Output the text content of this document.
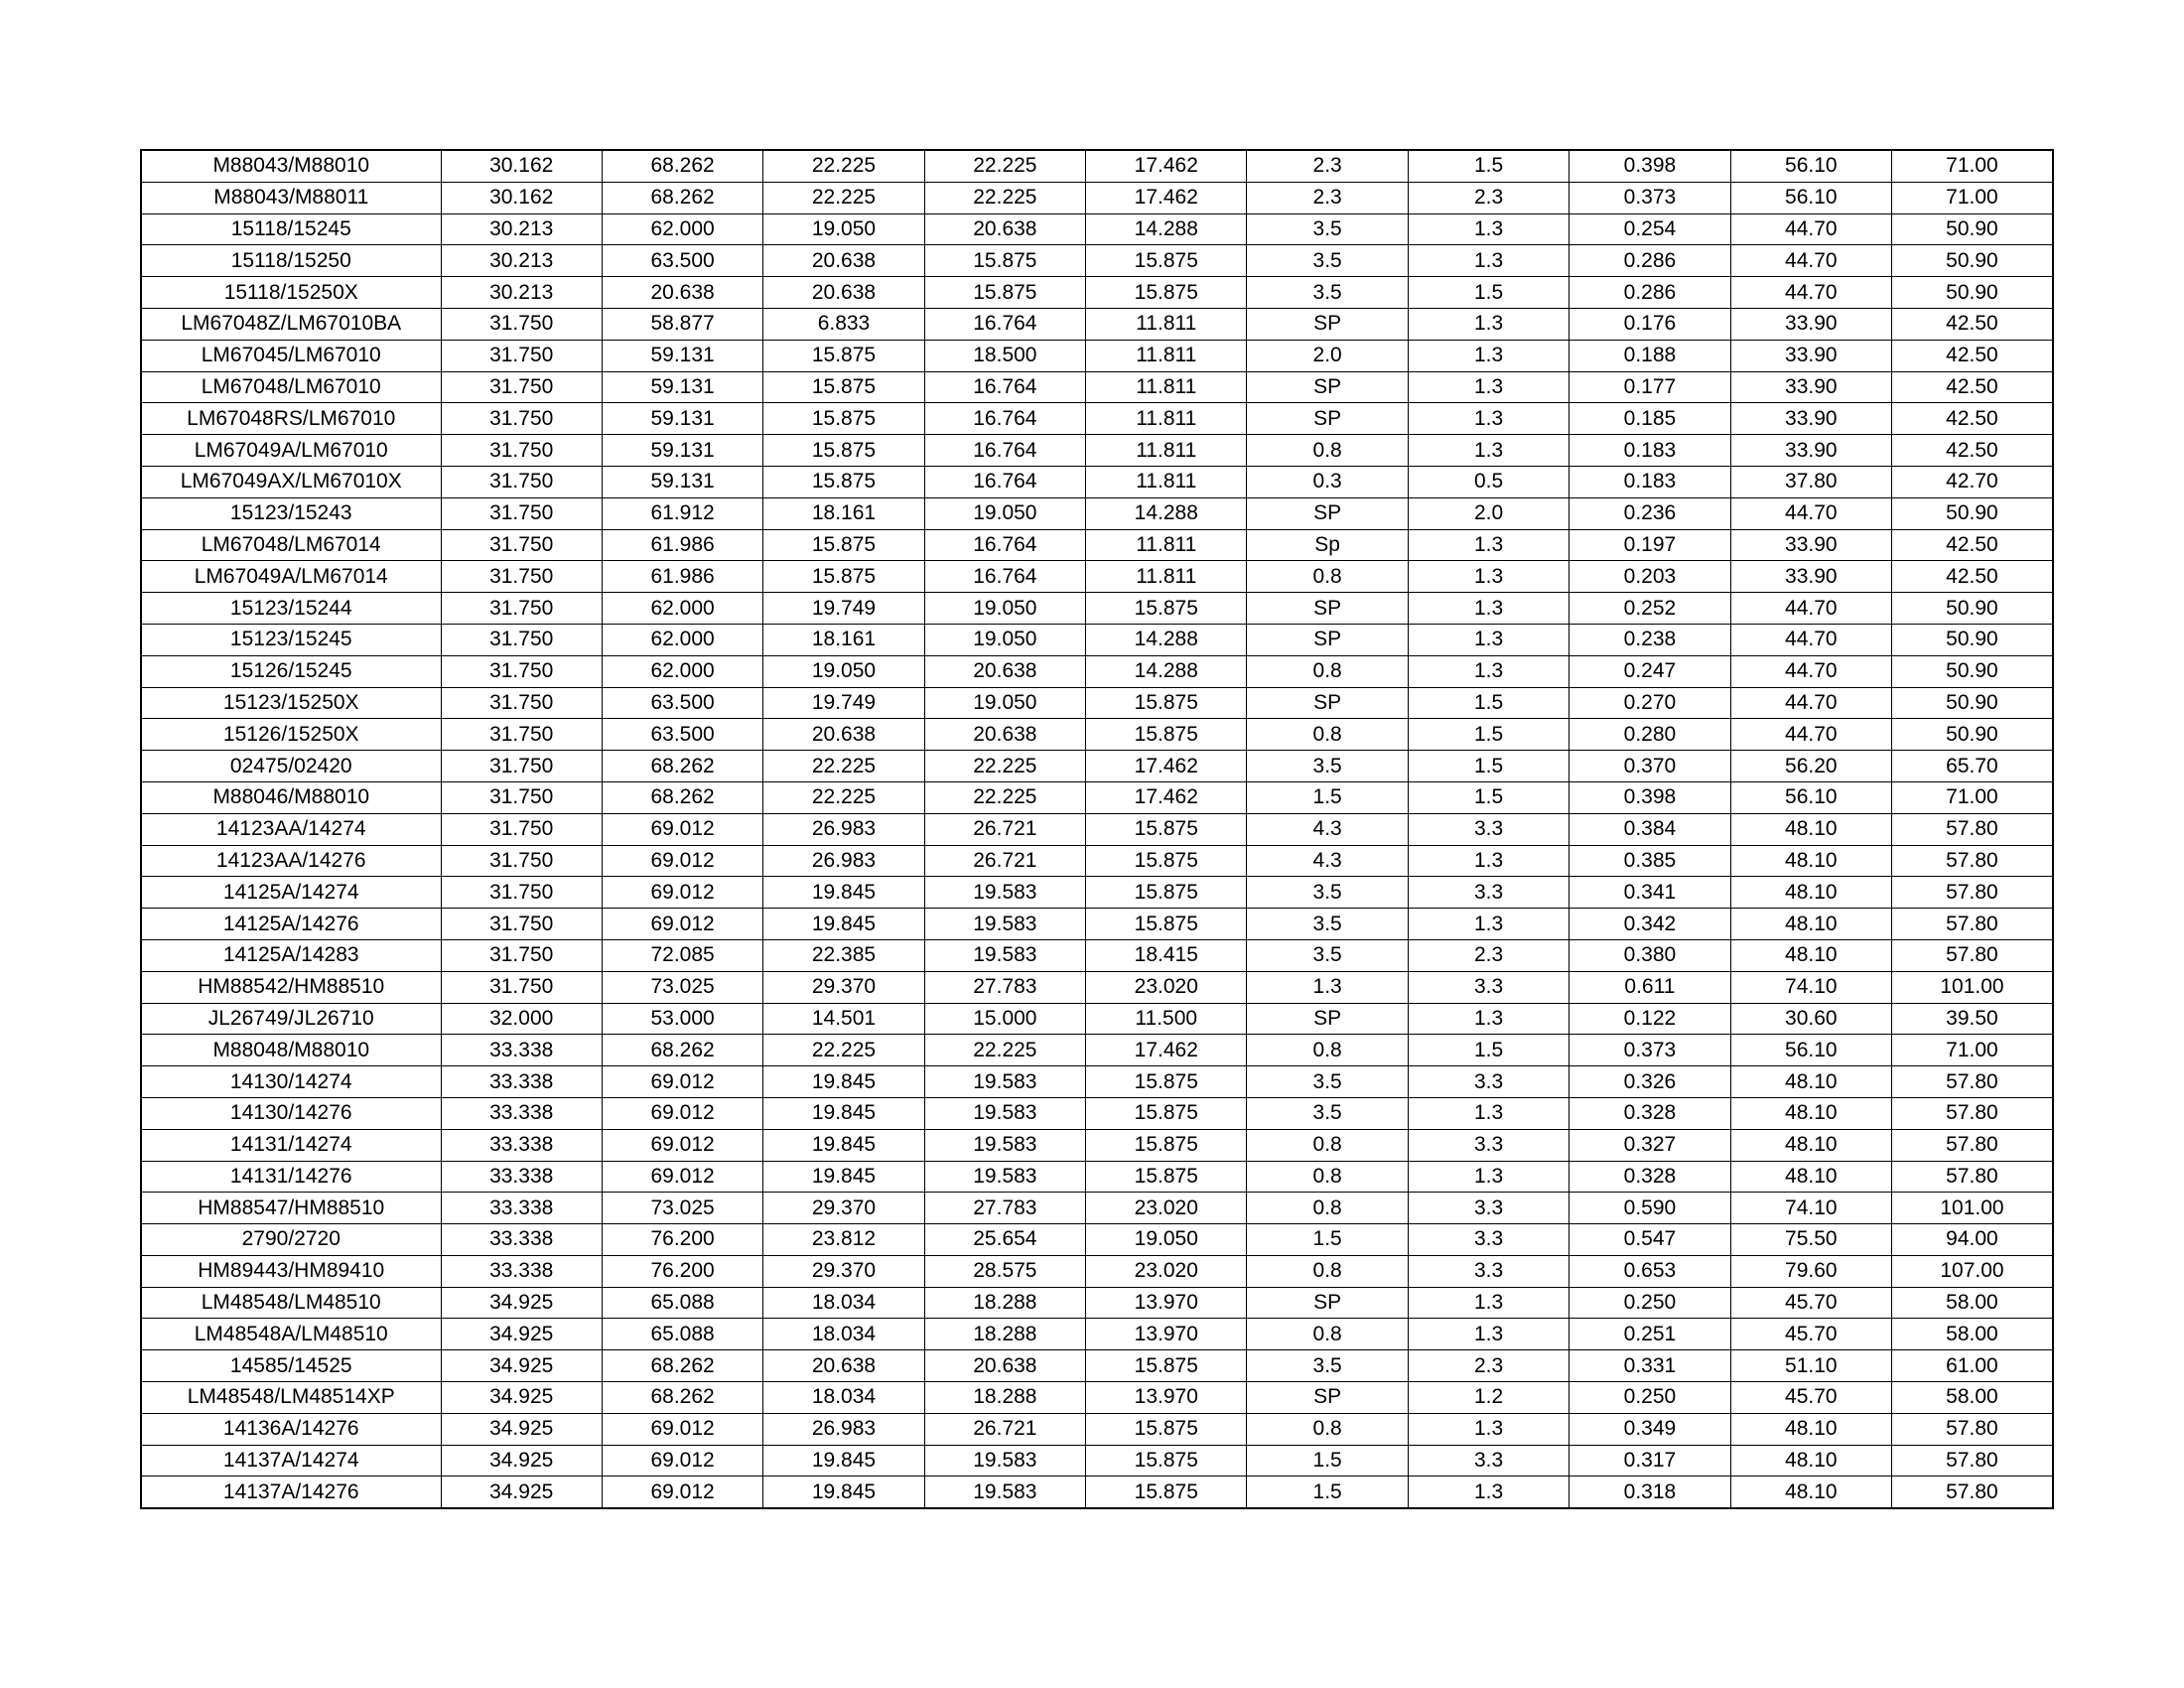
M88043/M88010	30.162	68.262	22.225	22.225	17.462	2.3	1.5	0.398	56.10	71.00
M88043/M88011	30.162	68.262	22.225	22.225	17.462	2.3	2.3	0.373	56.10	71.00
15118/15245	30.213	62.000	19.050	20.638	14.288	3.5	1.3	0.254	44.70	50.90
15118/15250	30.213	63.500	20.638	15.875	15.875	3.5	1.3	0.286	44.70	50.90
15118/15250X	30.213	20.638	20.638	15.875	15.875	3.5	1.5	0.286	44.70	50.90
LM67048Z/LM67010BA	31.750	58.877	6.833	16.764	11.811	SP	1.3	0.176	33.90	42.50
LM67045/LM67010	31.750	59.131	15.875	18.500	11.811	2.0	1.3	0.188	33.90	42.50
LM67048/LM67010	31.750	59.131	15.875	16.764	11.811	SP	1.3	0.177	33.90	42.50
LM67048RS/LM67010	31.750	59.131	15.875	16.764	11.811	SP	1.3	0.185	33.90	42.50
LM67049A/LM67010	31.750	59.131	15.875	16.764	11.811	0.8	1.3	0.183	33.90	42.50
LM67049AX/LM67010X	31.750	59.131	15.875	16.764	11.811	0.3	0.5	0.183	37.80	42.70
15123/15243	31.750	61.912	18.161	19.050	14.288	SP	2.0	0.236	44.70	50.90
LM67048/LM67014	31.750	61.986	15.875	16.764	11.811	Sp	1.3	0.197	33.90	42.50
LM67049A/LM67014	31.750	61.986	15.875	16.764	11.811	0.8	1.3	0.203	33.90	42.50
15123/15244	31.750	62.000	19.749	19.050	15.875	SP	1.3	0.252	44.70	50.90
15123/15245	31.750	62.000	18.161	19.050	14.288	SP	1.3	0.238	44.70	50.90
15126/15245	31.750	62.000	19.050	20.638	14.288	0.8	1.3	0.247	44.70	50.90
15123/15250X	31.750	63.500	19.749	19.050	15.875	SP	1.5	0.270	44.70	50.90
15126/15250X	31.750	63.500	20.638	20.638	15.875	0.8	1.5	0.280	44.70	50.90
02475/02420	31.750	68.262	22.225	22.225	17.462	3.5	1.5	0.370	56.20	65.70
M88046/M88010	31.750	68.262	22.225	22.225	17.462	1.5	1.5	0.398	56.10	71.00
14123AA/14274	31.750	69.012	26.983	26.721	15.875	4.3	3.3	0.384	48.10	57.80
14123AA/14276	31.750	69.012	26.983	26.721	15.875	4.3	1.3	0.385	48.10	57.80
14125A/14274	31.750	69.012	19.845	19.583	15.875	3.5	3.3	0.341	48.10	57.80
14125A/14276	31.750	69.012	19.845	19.583	15.875	3.5	1.3	0.342	48.10	57.80
14125A/14283	31.750	72.085	22.385	19.583	18.415	3.5	2.3	0.380	48.10	57.80
HM88542/HM88510	31.750	73.025	29.370	27.783	23.020	1.3	3.3	0.611	74.10	101.00
JL26749/JL26710	32.000	53.000	14.501	15.000	11.500	SP	1.3	0.122	30.60	39.50
M88048/M88010	33.338	68.262	22.225	22.225	17.462	0.8	1.5	0.373	56.10	71.00
14130/14274	33.338	69.012	19.845	19.583	15.875	3.5	3.3	0.326	48.10	57.80
14130/14276	33.338	69.012	19.845	19.583	15.875	3.5	1.3	0.328	48.10	57.80
14131/14274	33.338	69.012	19.845	19.583	15.875	0.8	3.3	0.327	48.10	57.80
14131/14276	33.338	69.012	19.845	19.583	15.875	0.8	1.3	0.328	48.10	57.80
HM88547/HM88510	33.338	73.025	29.370	27.783	23.020	0.8	3.3	0.590	74.10	101.00
2790/2720	33.338	76.200	23.812	25.654	19.050	1.5	3.3	0.547	75.50	94.00
HM89443/HM89410	33.338	76.200	29.370	28.575	23.020	0.8	3.3	0.653	79.60	107.00
LM48548/LM48510	34.925	65.088	18.034	18.288	13.970	SP	1.3	0.250	45.70	58.00
LM48548A/LM48510	34.925	65.088	18.034	18.288	13.970	0.8	1.3	0.251	45.70	58.00
14585/14525	34.925	68.262	20.638	20.638	15.875	3.5	2.3	0.331	51.10	61.00
LM48548/LM48514XP	34.925	68.262	18.034	18.288	13.970	SP	1.2	0.250	45.70	58.00
14136A/14276	34.925	69.012	26.983	26.721	15.875	0.8	1.3	0.349	48.10	57.80
14137A/14274	34.925	69.012	19.845	19.583	15.875	1.5	3.3	0.317	48.10	57.80
14137A/14276	34.925	69.012	19.845	19.583	15.875	1.5	1.3	0.318	48.10	57.80
